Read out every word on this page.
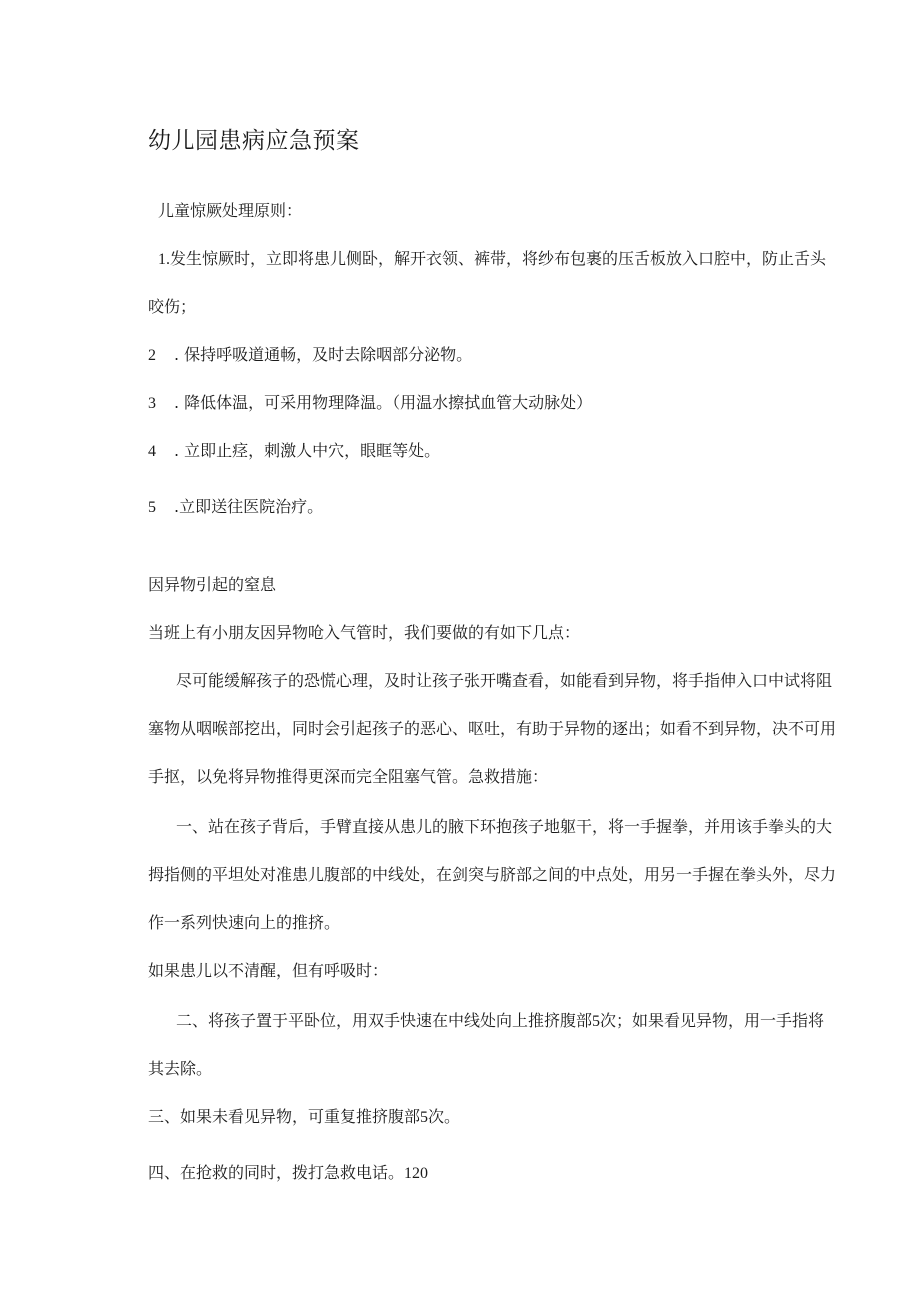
幼儿园患病应急预案

儿童惊厥处理原则：

1.发生惊厥时，立即将患儿侧卧，解开衣领、裤带，将纱布包裹的压舌板放入口腔中，防止舌头

咬伤；

2 . 保持呼吸道通畅，及时去除咽部分泌物。

3 . 降低体温，可采用物理降温。（用温水擦拭血管大动脉处）

4 . 立即止痉，刺激人中穴，眼眶等处。

5 .立即送往医院治疗。

因异物引起的窒息

当班上有小朋友因异物呛入气管时，我们要做的有如下几点：

尽可能缓解孩子的恐慌心理，及时让孩子张开嘴查看，如能看到异物，将手指伸入口中试将阻

塞物从咽喉部挖出，同时会引起孩子的恶心、呕吐，有助于异物的逐出；如看不到异物，决不可用

手抠，以免将异物推得更深而完全阻塞气管。急救措施：

一、站在孩子背后，手臂直接从患儿的腋下环抱孩子地躯干，将一手握拳，并用该手拳头的大

拇指侧的平坦处对准患儿腹部的中线处，在剑突与脐部之间的中点处，用另一手握在拳头外，尽力

作一系列快速向上的推挤。

如果患儿以不清醒，但有呼吸时：

二、将孩子置于平卧位，用双手快速在中线处向上推挤腹部5次；如果看见异物，用一手指将

其去除。

三、如果未看见异物，可重复推挤腹部5次。

四、在抢救的同时，拨打急救电话。120
